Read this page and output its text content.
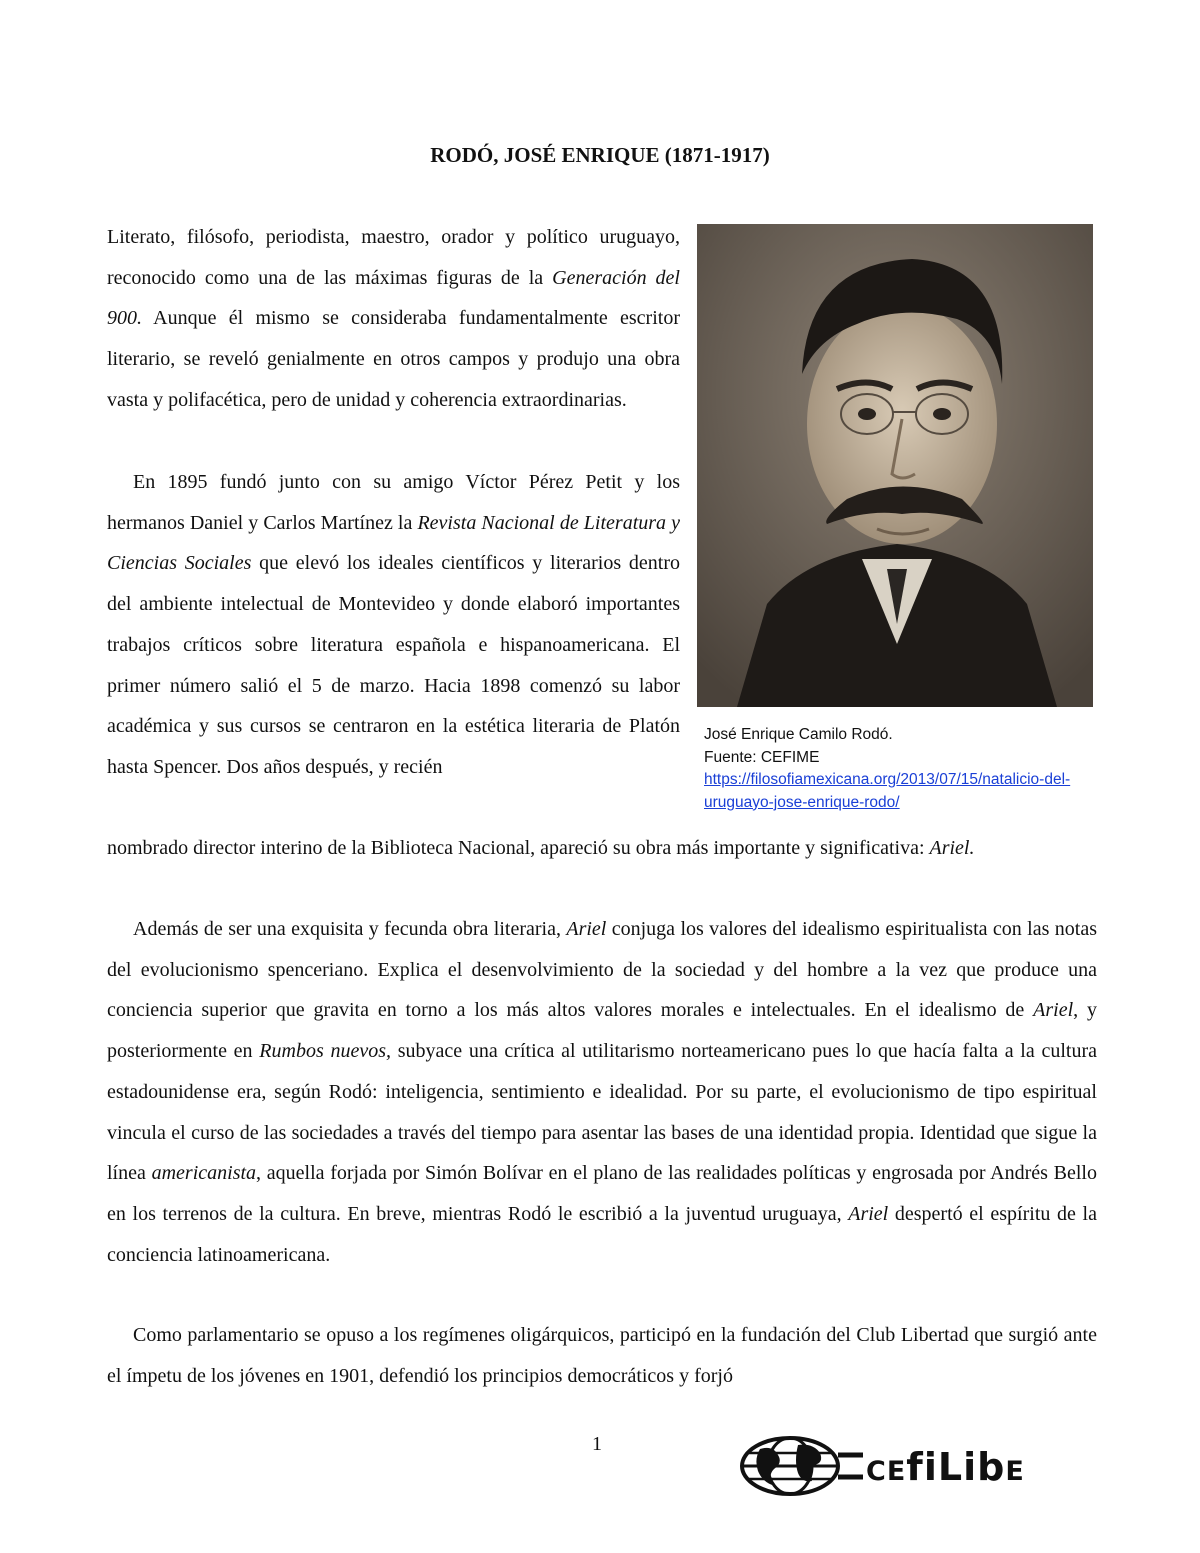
RODÓ, JOSÉ ENRIQUE (1871-1917)

Literato, filósofo, periodista, maestro, orador y político uruguayo, reconocido como una de las máximas figuras de la Generación del 900. Aunque él mismo se consideraba fundamentalmente escritor literario, se reveló genialmente en otros campos y produjo una obra vasta y polifacética, pero de unidad y coherencia extraordinarias.

En 1895 fundó junto con su amigo Víctor Pérez Petit y los hermanos Daniel y Carlos Martínez la Revista Nacional de Literatura y Ciencias Sociales que elevó los ideales científicos y literarios dentro del ambiente intelectual de Montevideo y donde elaboró importantes trabajos críticos sobre literatura española e hispanoamericana. El primer número salió el 5 de marzo. Hacia 1898 comenzó su labor académica y sus cursos se centraron en la estética literaria de Platón hasta Spencer. Dos años después, y recién

nombrado director interino de la Biblioteca Nacional, apareció su obra más importante y significativa: Ariel.

Además de ser una exquisita y fecunda obra literaria, Ariel conjuga los valores del idealismo espiritualista con las notas del evolucionismo spenceriano. Explica el desenvolvimiento de la sociedad y del hombre a la vez que produce una conciencia superior que gravita en torno a los más altos valores morales e intelectuales. En el idealismo de Ariel, y posteriormente en Rumbos nuevos, subyace una crítica al utilitarismo norteamericano pues lo que hacía falta a la cultura estadounidense era, según Rodó: inteligencia, sentimiento e idealidad. Por su parte, el evolucionismo de tipo espiritual vincula el curso de las sociedades a través del tiempo para asentar las bases de una identidad propia. Identidad que sigue la línea americanista, aquella forjada por Simón Bolívar en el plano de las realidades políticas y engrosada por Andrés Bello en los terrenos de la cultura. En breve, mientras Rodó le escribió a la juventud uruguaya, Ariel despertó el espíritu de la conciencia latinoamericana.

Como parlamentario se opuso a los regímenes oligárquicos, participó en la fundación del Club Libertad que surgió ante el ímpetu de los jóvenes en 1901, defendió los principios democráticos y forjó

José Enrique Camilo Rodó.
Fuente: CEFIME
https://filosofiamexicana.org/2013/07/15/natalicio-del-uruguayo-jose-enrique-rodo/
1
CEfiLibE
